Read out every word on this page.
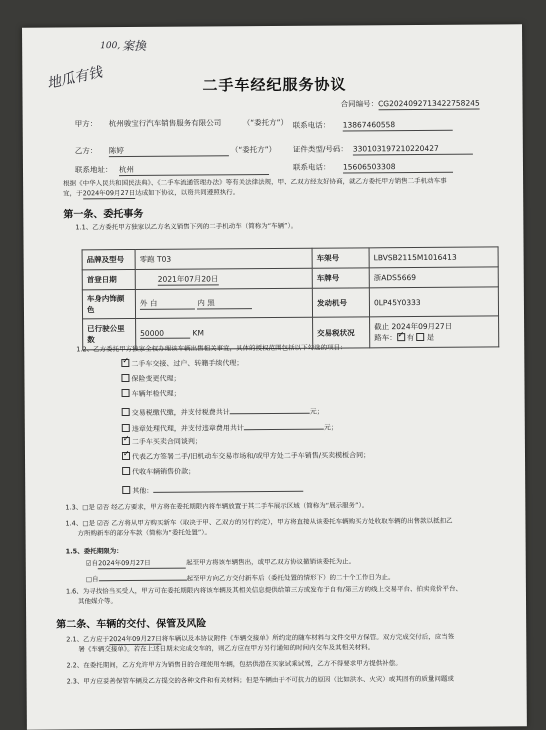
100, 案換
地瓜有钱	二手车经纪服务协议
合同编号：CG2024092713422758245
甲方： 杭州骏宝行汽车销售服务有限公司	（“委托方”） 联系电话： 13867460558
乙方： 陈婷	（“委托方”） 证件类型/号码： 330103197210220427
联系地址： 杭州	联系电话： 15606503308
根据《中华人民共和国民法典》、《二手车流通管理办法》等有关法律法规，甲、乙双方经友好协商，就乙方委托甲方销售二手机动车事
宜，于2024年09月27日达成如下协议，以资共同遵照执行。
第一条、委托事务
1.1、乙方委托甲方独家以乙方名义销售下列的二手机动车（简称为“车辆”）。
品牌及型号	零跑 T03	车架号	LBVSB2115M1016413
首登日期	2021年07月20日	车牌号	浙ADS5669
车身内饰颜色	外 白 内 黑	发动机号	0LP45Y0333
已行驶公里数	50000 KM	交易税状况	截止 2024年09月27日
路车： ✓ 有 是
1.2、乙方委托甲方独家全权办理该车辆出售相关事宜，具体的授权范围包括以下勾选的项目：
✓二手车交接、过户、转籍手续代理；
保险变更代理；
车辆年检代理；
交易税缴代缴，并支付税费共计	元；
违章处理代理，并支付违章费用共计	元；
✓二手车买卖合同谈判；
✓代表乙方签署二手/旧机动车交易市场和/或甲方处二手车销售/买卖模板合同；
代收车辆销售价款；
其他：
1.3、□是 ☑否 经乙方要求，甲方将在委托期限内将车辆放置于其二手车展示区域（简称为“展示服务”）。
1.4、□是 ☑否 乙方将从甲方购买新车（取决于甲、乙双方的另行约定），甲方将直接从该委托车辆购买方处收取车辆的出售款以抵扣乙
方所购新车的部分车款（简称为“委托处置”）。
1.5、委托期限为：
☑自2024年09月27日	起至甲方将该车辆售出，或甲乙双方协议撤销该委托为止。
□自	起至甲方向乙方交付新车后（委托处置的情形下）的二十个工作日为止。
1.6、为寻找恰当买受人，甲方可在委托期限内将该车辆及其相关信息提供给第三方或发布于自有/第三方的线上交易平台、拍卖竞价平台、
其他媒介等。
第二条、车辆的交付、保管及风险
2.1、乙方应于2024年09月27日将车辆以及本协议附件《车辆交接单》所约定的随车材料与文件交甲方保管。双方完成交付后，应当签
署《车辆交接单》。若在上述日期未完成交车的，则乙方应在甲方另行通知的时间内交车及其相关材料。
2.2、在委托期间，乙方允许甲方为销售目的合理使用车辆，包括供潜在买家试乘试驾，乙方不得要求甲方提供补偿。
2.3、甲方应妥善保管车辆及乙方提交的各种文件和有关材料；但是车辆由于不可抗力的原因（比如洪水、火灾）或其固有的质量问题或
